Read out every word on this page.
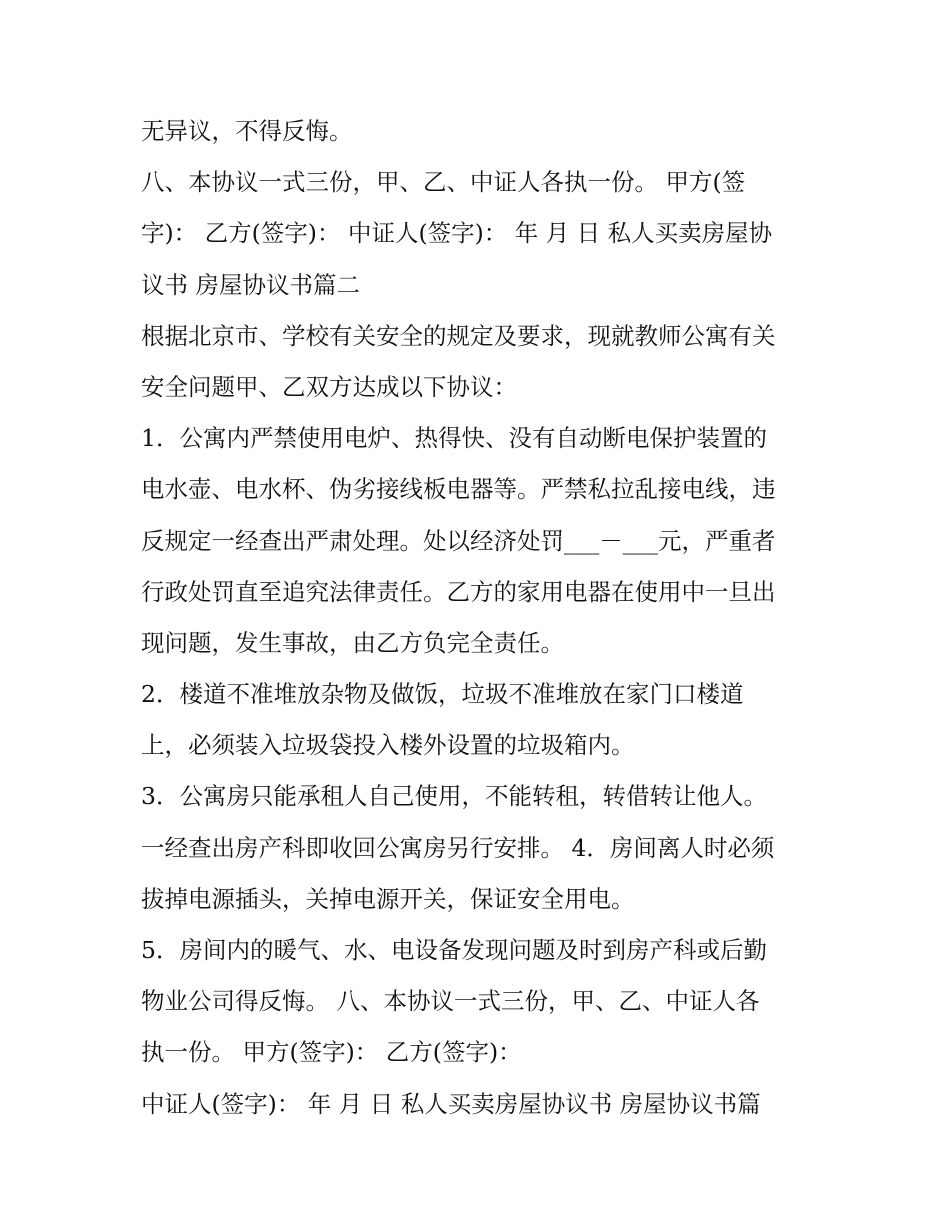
无异议，不得反悔。
八、本协议一式三份，甲、乙、中证人各执一份。 甲方(签
字)： 乙方(签字)： 中证人(签字)： 年 月 日 私人买卖房屋协
议书 房屋协议书篇二
根据北京市、学校有关安全的规定及要求，现就教师公寓有关
安全问题甲、乙双方达成以下协议：
1．公寓内严禁使用电炉、热得快、没有自动断电保护装置的
电水壶、电水杯、伪劣接线板电器等。严禁私拉乱接电线，违
反规定一经查出严肃处理。处以经济处罚___－___元，严重者
行政处罚直至追究法律责任。乙方的家用电器在使用中一旦出
现问题，发生事故，由乙方负完全责任。
2．楼道不准堆放杂物及做饭，垃圾不准堆放在家门口楼道
上，必须装入垃圾袋投入楼外设置的垃圾箱内。
3．公寓房只能承租人自己使用，不能转租，转借转让他人。
一经查出房产科即收回公寓房另行安排。 4．房间离人时必须
拔掉电源插头，关掉电源开关，保证安全用电。
5．房间内的暖气、水、电设备发现问题及时到房产科或后勤
物业公司得反悔。 八、本协议一式三份，甲、乙、中证人各
执一份。 甲方(签字)： 乙方(签字)：
中证人(签字)： 年 月 日 私人买卖房屋协议书 房屋协议书篇
